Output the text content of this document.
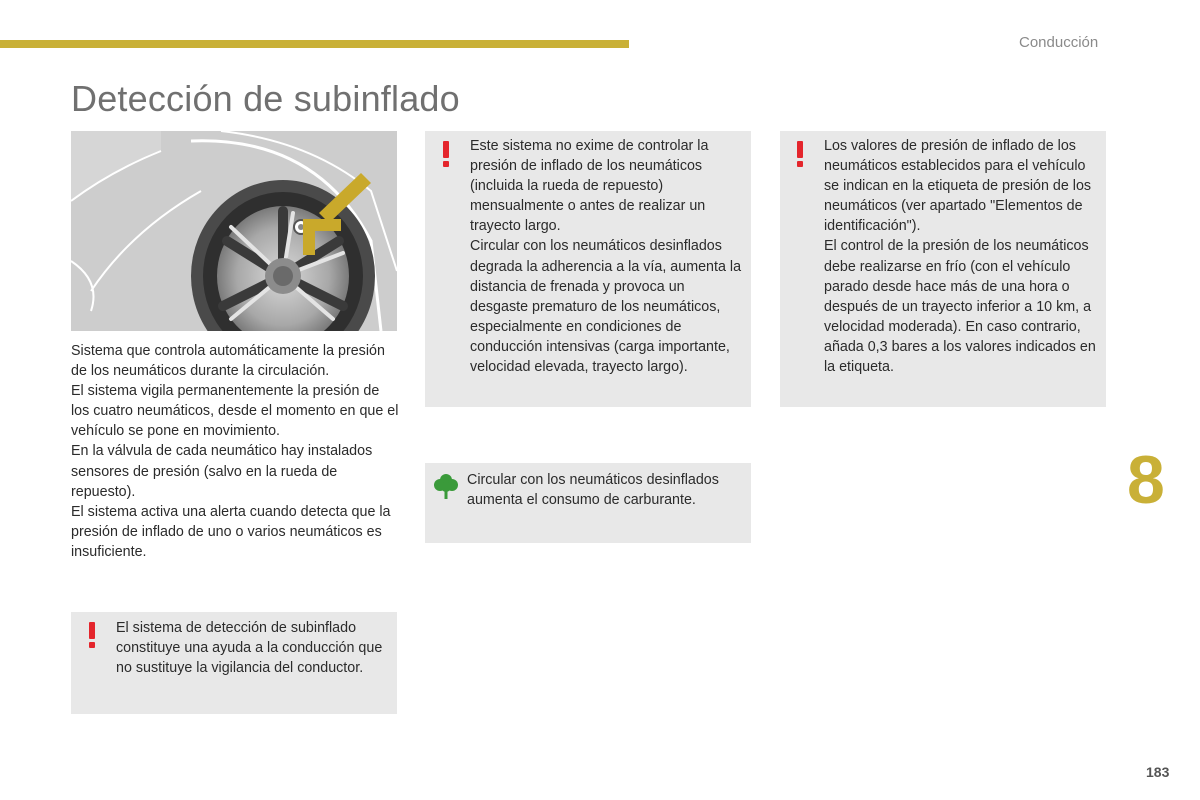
Conducción
Detección de subinflado

Sistema que controla automáticamente la presión de los neumáticos durante la circulación.

El sistema vigila permanentemente la presión de los cuatro neumáticos, desde el momento en que el vehículo se pone en movimiento.

En la válvula de cada neumático hay instalados sensores de presión (salvo en la rueda de repuesto).

El sistema activa una alerta cuando detecta que la presión de inflado de uno o varios neumáticos es insuficiente.

El sistema de detección de subinflado constituye una ayuda a la conducción que no sustituye la vigilancia del conductor.

Este sistema no exime de controlar la presión de inflado de los neumáticos (incluida la rueda de repuesto) mensualmente o antes de realizar un trayecto largo.

Circular con los neumáticos desinflados degrada la adherencia a la vía, aumenta la distancia de frenada y provoca un desgaste prematuro de los neumáticos, especialmente en condiciones de conducción intensivas (carga importante, velocidad elevada, trayecto largo).

Los valores de presión de inflado de los neumáticos establecidos para el vehículo se indican en la etiqueta de presión de los neumáticos (ver apartado "Elementos de identificación").

El control de la presión de los neumáticos debe realizarse en frío (con el vehículo parado desde hace más de una hora o después de un trayecto inferior a 10 km, a velocidad moderada). En caso contrario, añada 0,3 bares a los valores indicados en la etiqueta.

Circular con los neumáticos desinflados aumenta el consumo de carburante.	8
183
